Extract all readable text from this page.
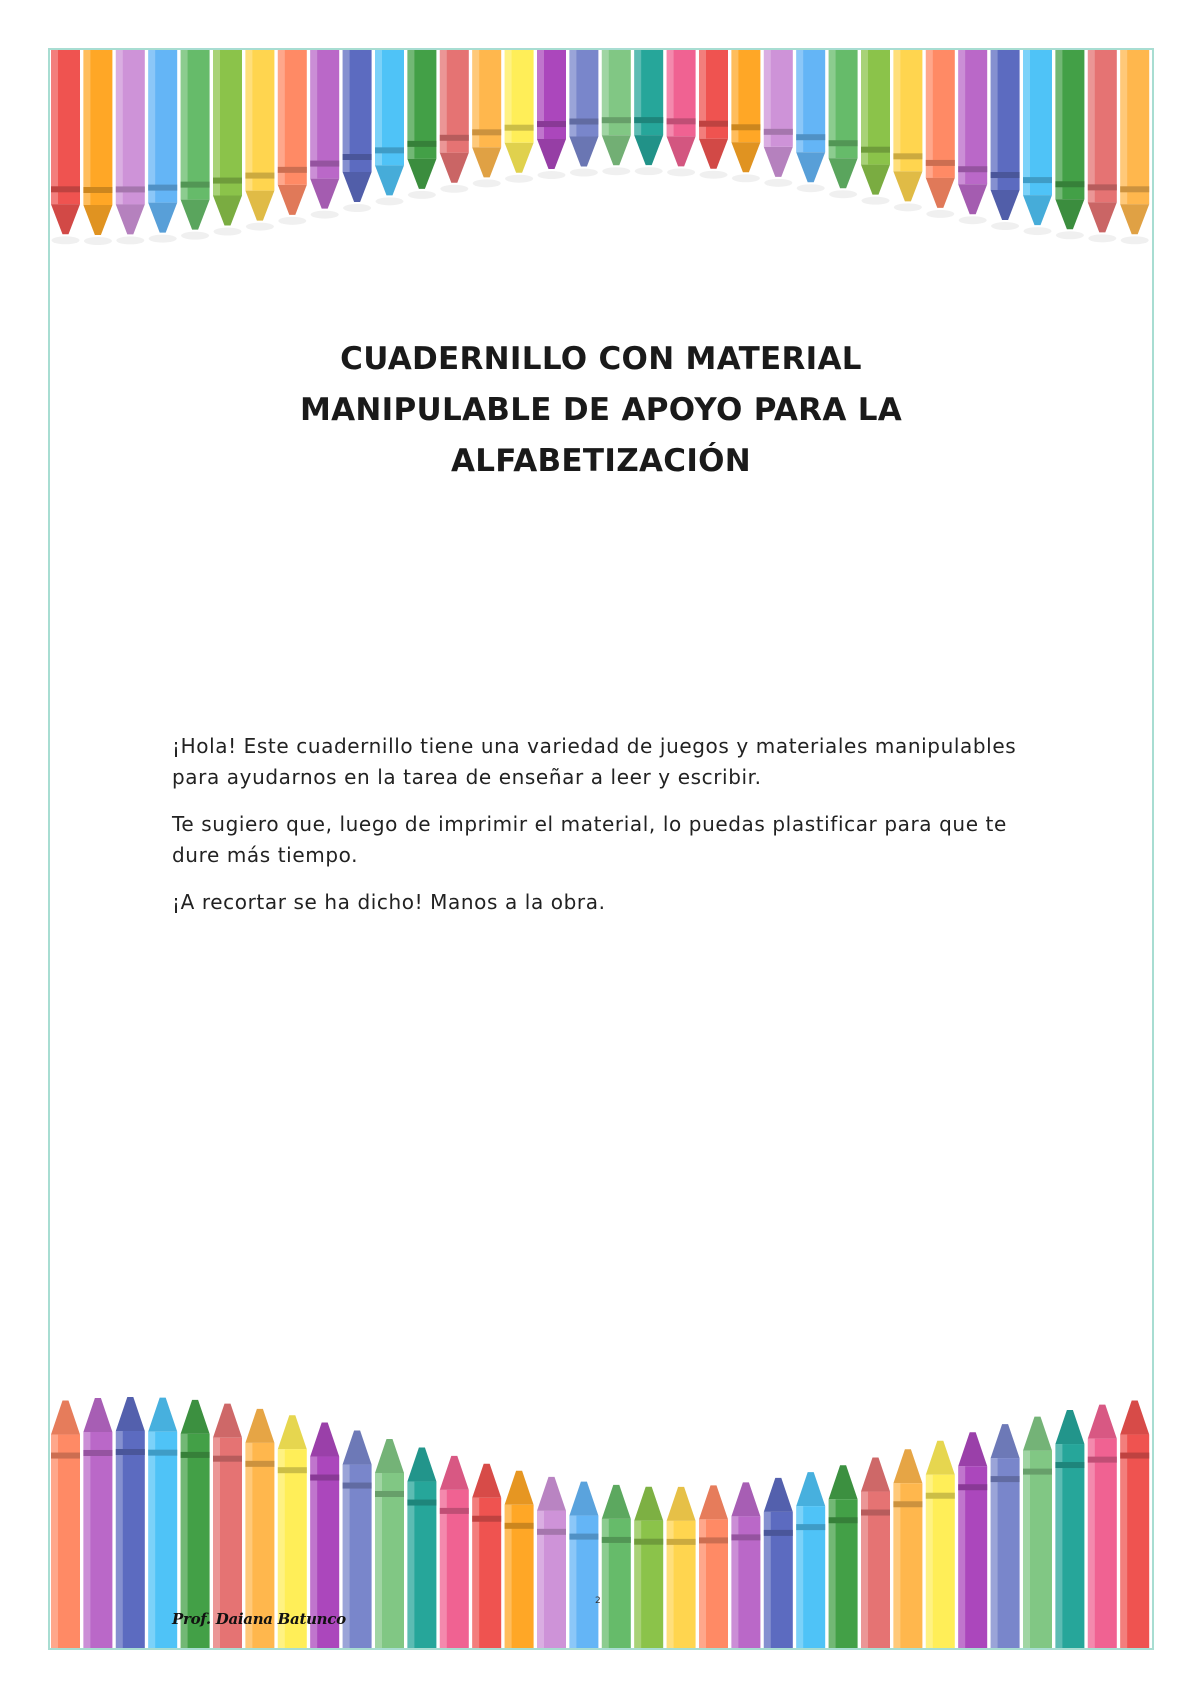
CUADERNILLO CON MATERIAL
MANIPULABLE DE APOYO PARA LA
ALFABETIZACIÓN

¡Hola! Este cuadernillo tiene una variedad de juegos y materiales manipulables para ayudarnos en la tarea de enseñar a leer y escribir.

Te sugiero que, luego de imprimir el material, lo puedas plastificar para que te dure más tiempo.

¡A recortar se ha dicho! Manos a la obra.

2
Prof. Daiana Batunco
